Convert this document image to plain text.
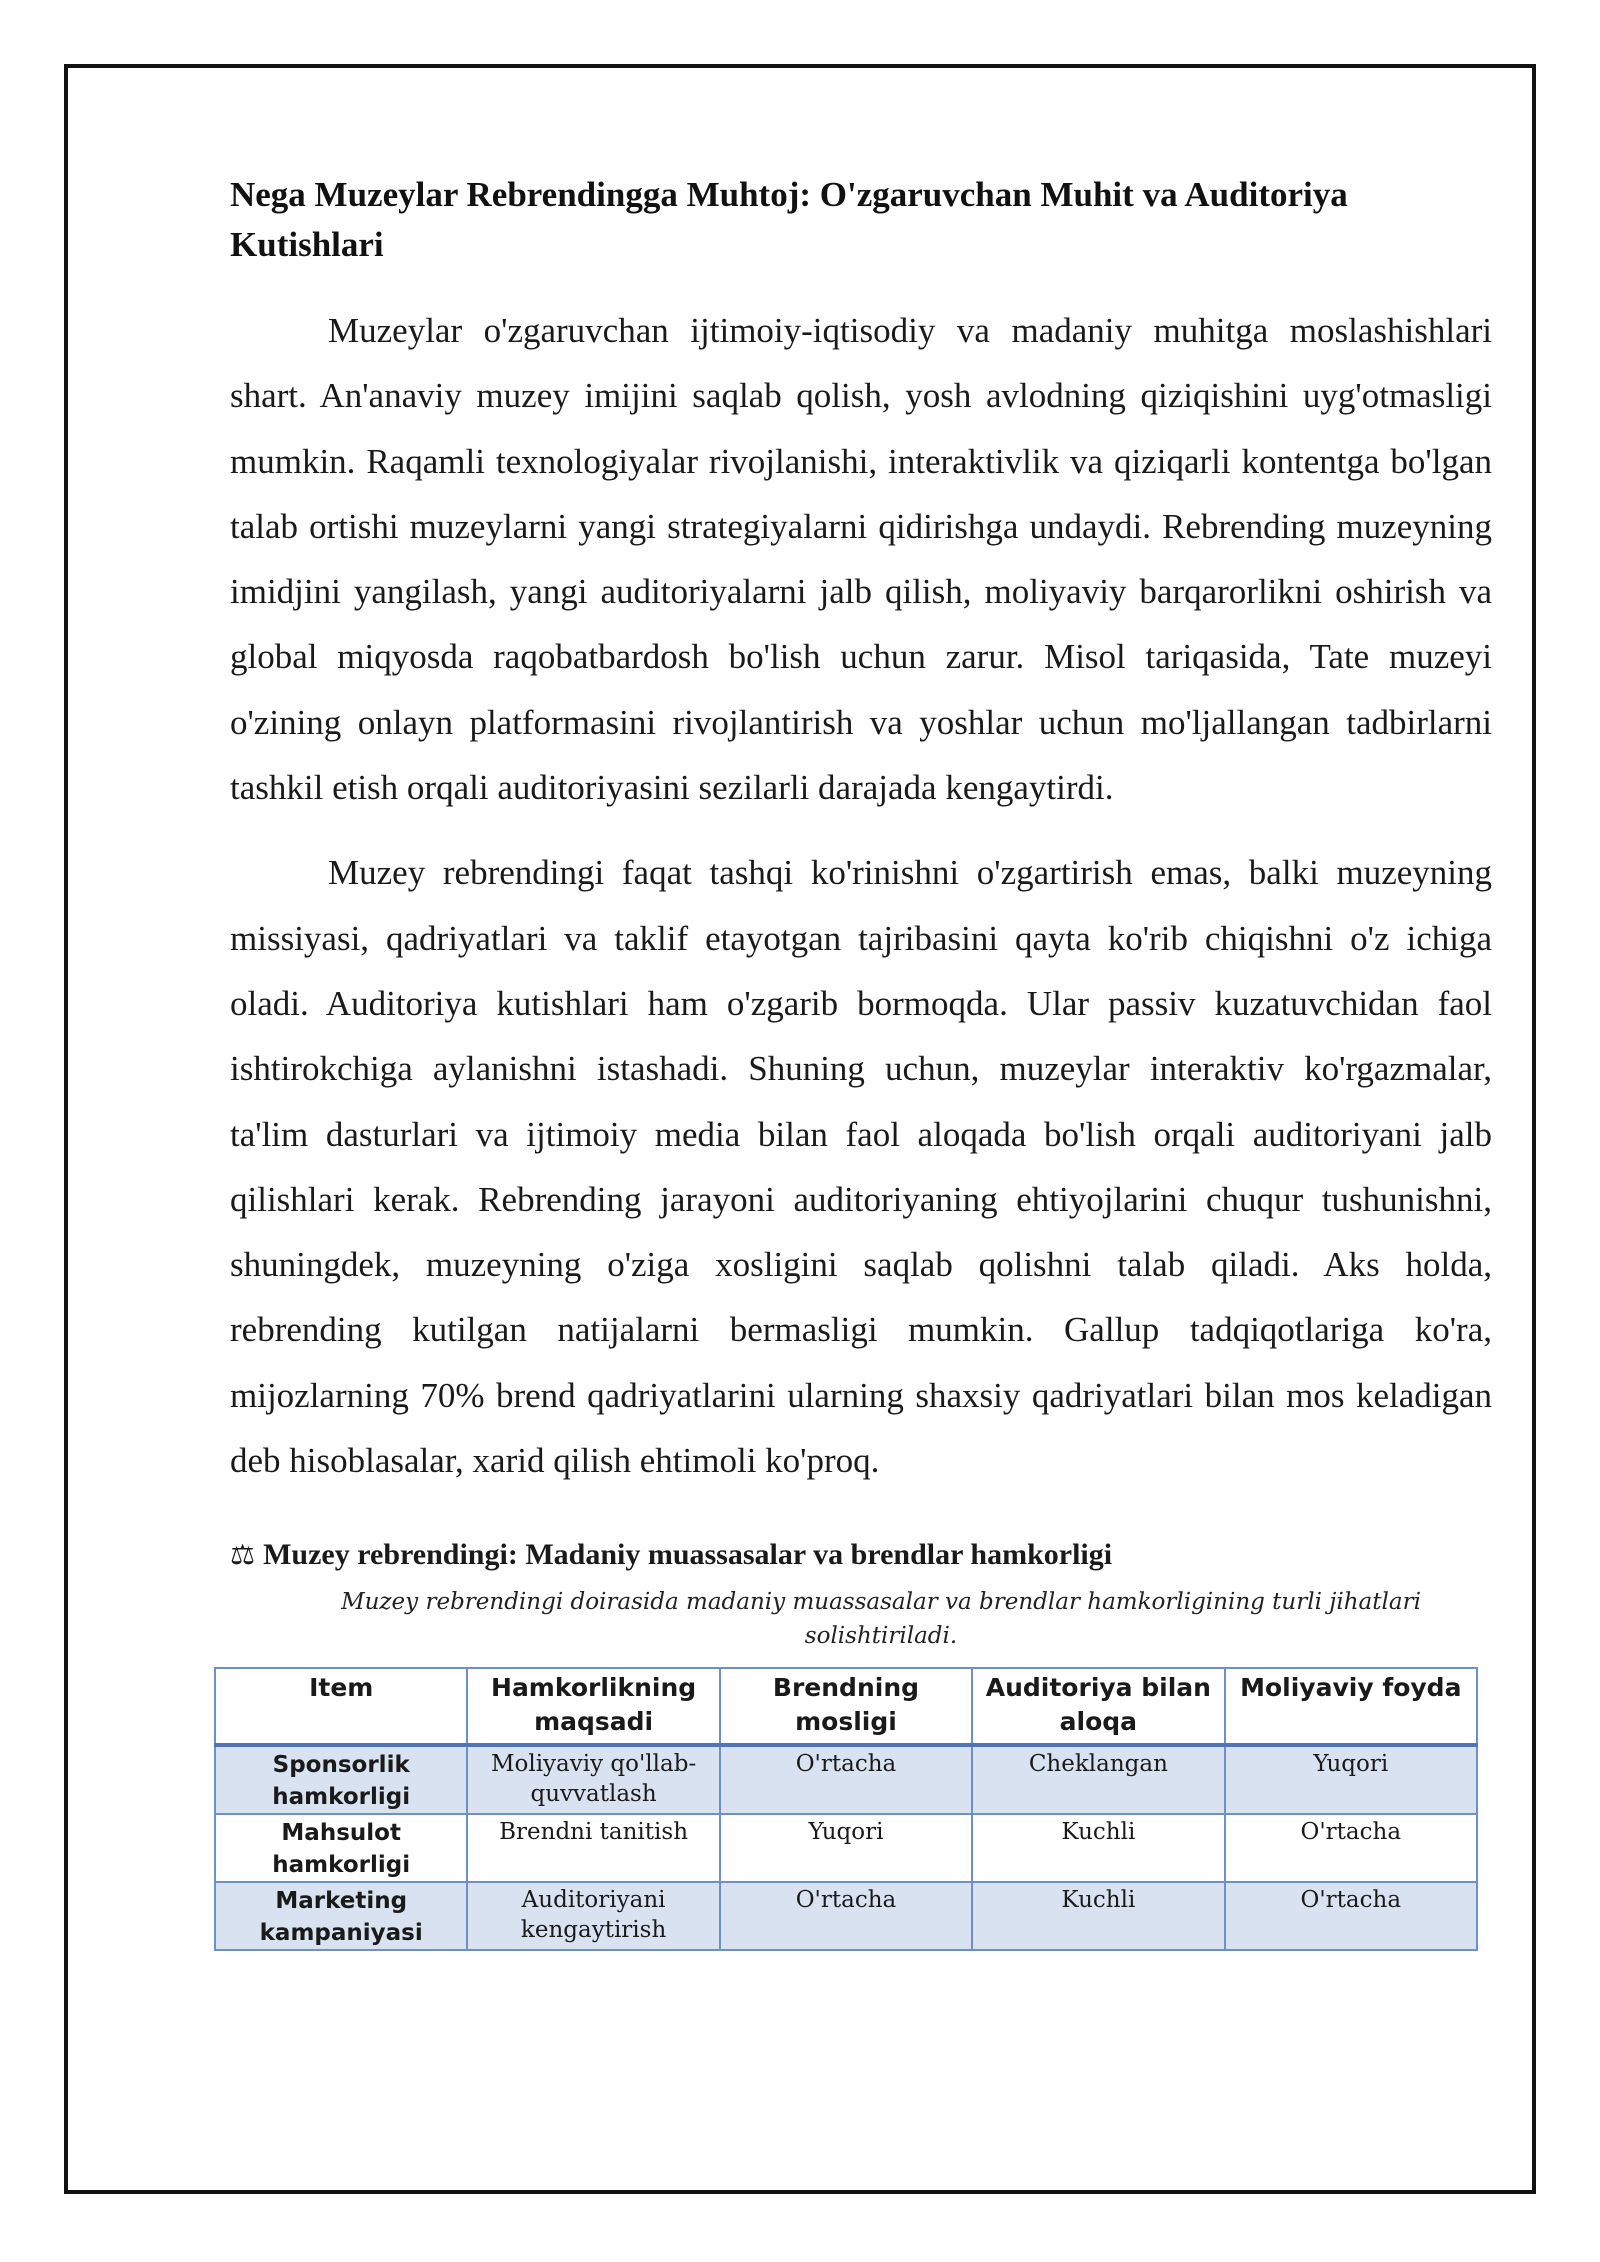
Nega Muzeylar Rebrendingga Muhtoj: O'zgaruvchan Muhit va Auditoriya Kutishlari

Muzeylar o'zgaruvchan ijtimoiy-iqtisodiy va madaniy muhitga moslashishlari shart. An'anaviy muzey imijini saqlab qolish, yosh avlodning qiziqishini uyg'otmasligi mumkin. Raqamli texnologiyalar rivojlanishi, interaktivlik va qiziqarli kontentga bo'lgan talab ortishi muzeylarni yangi strategiyalarni qidirishga undaydi. Rebrending muzeyning imidjini yangilash, yangi auditoriyalarni jalb qilish, moliyaviy barqarorlikni oshirish va global miqyosda raqobatbardosh bo'lish uchun zarur. Misol tariqasida, Tate muzeyi o'zining onlayn platformasini rivojlantirish va yoshlar uchun mo'ljallangan tadbirlarni tashkil etish orqali auditoriyasini sezilarli darajada kengaytirdi.

Muzey rebrendingi faqat tashqi ko'rinishni o'zgartirish emas, balki muzeyning missiyasi, qadriyatlari va taklif etayotgan tajribasini qayta ko'rib chiqishni o'z ichiga oladi. Auditoriya kutishlari ham o'zgarib bormoqda. Ular passiv kuzatuvchidan faol ishtirokchiga aylanishni istashadi. Shuning uchun, muzeylar interaktiv ko'rgazmalar, ta'lim dasturlari va ijtimoiy media bilan faol aloqada bo'lish orqali auditoriyani jalb qilishlari kerak. Rebrending jarayoni auditoriyaning ehtiyojlarini chuqur tushunishni, shuningdek, muzeyning o'ziga xosligini saqlab qolishni talab qiladi. Aks holda, rebrending kutilgan natijalarni bermasligi mumkin. Gallup tadqiqotlariga ko'ra, mijozlarning 70% brend qadriyatlarini ularning shaxsiy qadriyatlari bilan mos keladigan deb hisoblasalar, xarid qilish ehtimoli ko'proq.

⚖ Muzey rebrendingi: Madaniy muassasalar va brendlar hamkorligi
Muzey rebrendingi doirasida madaniy muassasalar va brendlar hamkorligining turli jihatlari solishtiriladi.
Item	Hamkorlikning maqsadi	Brendning mosligi	Auditoriya bilan aloqa	Moliyaviy foyda
Sponsorlik hamkorligi	Moliyaviy qo'llab-quvvatlash	O'rtacha	Cheklangan	Yuqori
Mahsulot hamkorligi	Brendni tanitish	Yuqori	Kuchli	O'rtacha
Marketing kampaniyasi	Auditoriyani kengaytirish	O'rtacha	Kuchli	O'rtacha
